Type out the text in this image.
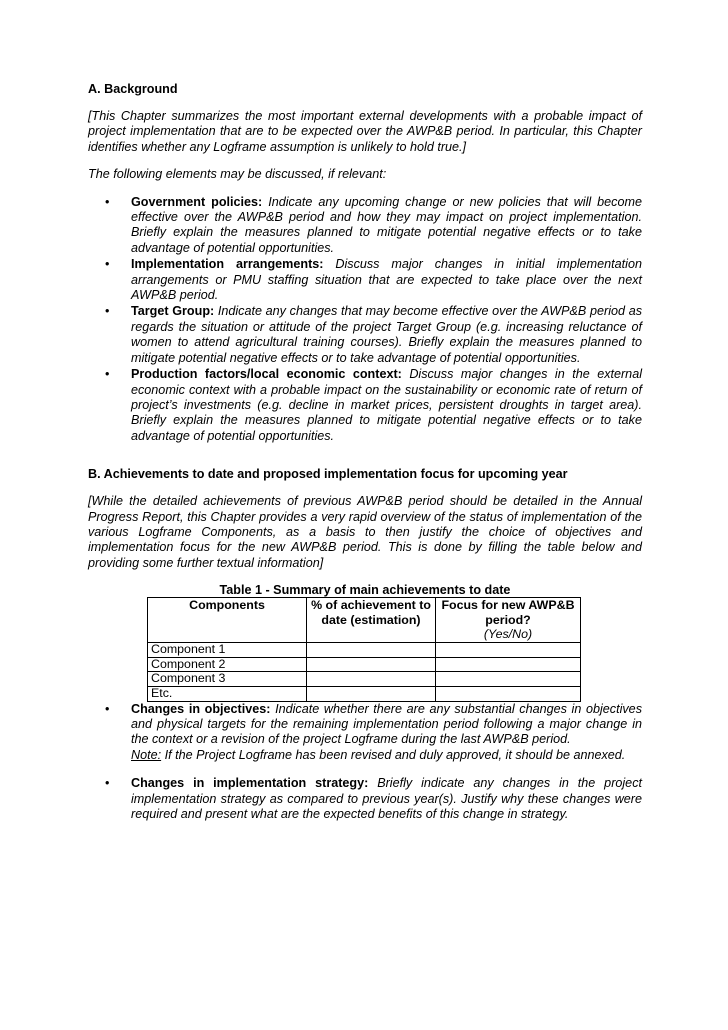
A. Background
[This Chapter summarizes the most important external developments with a probable impact of project implementation that are to be expected over the AWP&B period. In particular, this Chapter identifies whether any Logframe assumption is unlikely to hold true.]
The following elements may be discussed, if relevant:
• Government policies: Indicate any upcoming change or new policies that will become effective over the AWP&B period and how they may impact on project implementation. Briefly explain the measures planned to mitigate potential negative effects or to take advantage of potential opportunities.
• Implementation arrangements: Discuss major changes in initial implementation arrangements or PMU staffing situation that are expected to take place over the next AWP&B period.
• Target Group: Indicate any changes that may become effective over the AWP&B period as regards the situation or attitude of the project Target Group (e.g. increasing reluctance of women to attend agricultural training courses). Briefly explain the measures planned to mitigate potential negative effects or to take advantage of potential opportunities.
• Production factors/local economic context: Discuss major changes in the external economic context with a probable impact on the sustainability or economic rate of return of project’s investments (e.g. decline in market prices, persistent droughts in target area). Briefly explain the measures planned to mitigate potential negative effects or to take advantage of potential opportunities.
B. Achievements to date and proposed implementation focus for upcoming year
[While the detailed achievements of previous AWP&B period should be detailed in the Annual Progress Report, this Chapter provides a very rapid overview of the status of implementation of the various Logframe Components, as a basis to then justify the choice of objectives and implementation focus for the new AWP&B period. This is done by filling the table below and providing some further textual information]
Table 1 - Summary of main achievements to date
Components	% of achievement to date (estimation)	Focus for new AWP&B period?
(Yes/No)

Component 1		
Component 2		
Component 3		
Etc.		
• Changes in objectives: Indicate whether there are any substantial changes in objectives and physical targets for the remaining implementation period following a major change in the context or a revision of the project Logframe during the last AWP&B period.
Note: If the Project Logframe has been revised and duly approved, it should be annexed.
• Changes in implementation strategy: Briefly indicate any changes in the project implementation strategy as compared to previous year(s). Justify why these changes were required and present what are the expected benefits of this change in strategy.
